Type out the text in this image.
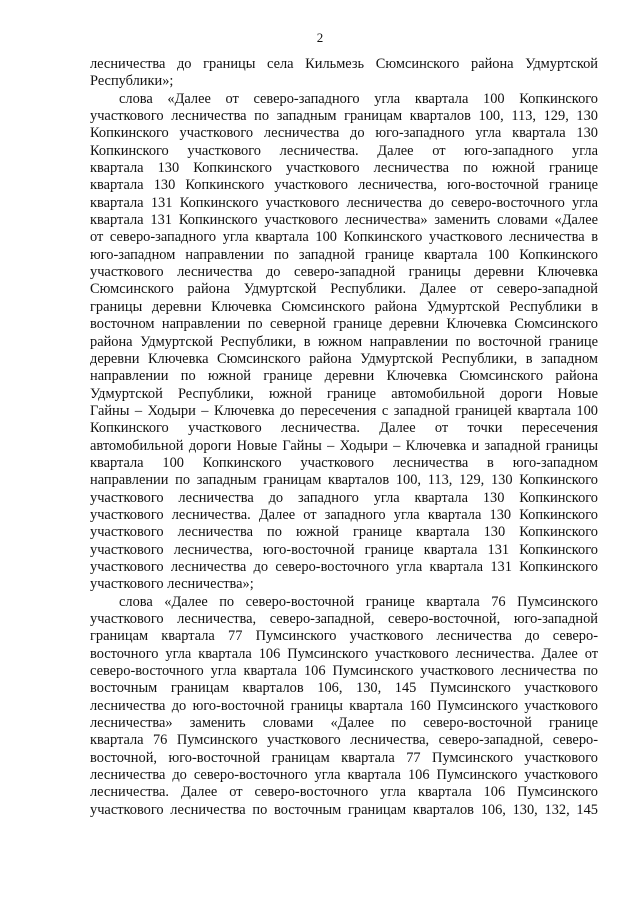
2
лесничества до границы села Кильмезь Сюмсинского района Удмуртской
Республики»;
слова «Далее от северо-западного угла квартала 100 Копкинского
участкового лесничества по западным границам кварталов 100, 113, 129, 130
Копкинского участкового лесничества до юго-западного угла квартала 130
Копкинского участкового лесничества. Далее от юго-западного угла
квартала 130 Копкинского участкового лесничества по южной границе
квартала 130 Копкинского участкового лесничества, юго-восточной границе
квартала 131 Копкинского участкового лесничества до северо-восточного угла
квартала 131 Копкинского участкового лесничества» заменить словами «Далее
от северо-западного угла квартала 100 Копкинского участкового лесничества в
юго-западном направлении по западной границе квартала 100 Копкинского
участкового лесничества до северо-западной границы деревни Ключевка
Сюмсинского района Удмуртской Республики. Далее от северо-западной
границы деревни Ключевка Сюмсинского района Удмуртской Республики в
восточном направлении по северной границе деревни Ключевка Сюмсинского
района Удмуртской Республики, в южном направлении по восточной границе
деревни Ключевка Сюмсинского района Удмуртской Республики, в западном
направлении по южной границе деревни Ключевка Сюмсинского района
Удмуртской Республики, южной границе автомобильной дороги Новые
Гайны – Ходыри – Ключевка до пересечения с западной границей квартала 100
Копкинского участкового лесничества. Далее от точки пересечения
автомобильной дороги Новые Гайны – Ходыри – Ключевка и западной границы
квартала 100 Копкинского участкового лесничества в юго-западном
направлении по западным границам кварталов 100, 113, 129, 130 Копкинского
участкового лесничества до западного угла квартала 130 Копкинского
участкового лесничества. Далее от западного угла квартала 130 Копкинского
участкового лесничества по южной границе квартала 130 Копкинского
участкового лесничества, юго-восточной границе квартала 131 Копкинского
участкового лесничества до северо-восточного угла квартала 131 Копкинского
участкового лесничества»;
слова «Далее по северо-восточной границе квартала 76 Пумсинского
участкового лесничества, северо-западной, северо-восточной, юго-западной
границам квартала 77 Пумсинского участкового лесничества до северо-
восточного угла квартала 106 Пумсинского участкового лесничества. Далее от
северо-восточного угла квартала 106 Пумсинского участкового лесничества по
восточным границам кварталов 106, 130, 145 Пумсинского участкового
лесничества до юго-восточной границы квартала 160 Пумсинского участкового
лесничества» заменить словами «Далее по северо-восточной границе
квартала 76 Пумсинского участкового лесничества, северо-западной, северо-
восточной, юго-восточной границам квартала 77 Пумсинского участкового
лесничества до северо-восточного угла квартала 106 Пумсинского участкового
лесничества. Далее от северо-восточного угла квартала 106 Пумсинского
участкового лесничества по восточным границам кварталов 106, 130, 132, 145
